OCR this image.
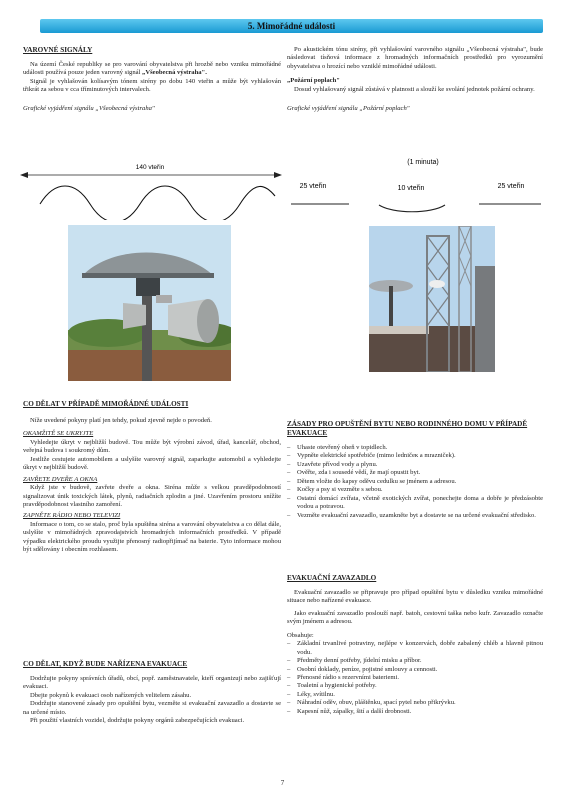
5. Mimořádné události

VAROVNÉ SIGNÁLY

Na území České republiky se pro varování obyvatelstva při hrozbě nebo vzniku mimořádné události používá pouze jeden varovný signál „Všeobecná výstraha".

Signál je vyhlašován kolísavým tónem sirény po dobu 140 vteřin a může být vyhlašován třikrát za sebou v cca tříminutových intervalech.

Grafické vyjádření signálu „Všeobecná výstraha"

140 vteřin

Po akustickém tónu sirény, při vyhlašování varovného signálu „Všeobecná výstraha", bude následovat tísňová informace z hromadných informačních prostředků pro vyrozumění obyvatelstva o hrozící nebo vzniklé mimořádné události.

„Požární poplach"

Dosud vyhlašovaný signál zůstává v platnosti a slouží ke svolání jednotek požární ochrany.

Grafické vyjádření signálu „Požární poplach"

(1 minuta)
25 vteřin	10 vteřin	25 vteřin

CO DĚLAT V PŘÍPADĚ MIMOŘÁDNÉ UDÁLOSTI

Níže uvedené pokyny platí jen tehdy, pokud zjevně nejde o povodeň.

OKAMŽITĚ SE UKRYJTE

Vyhledejte úkryt v nejbližší budově. Tou může být výrobní závod, úřad, kancelář, obchod, veřejná budova i soukromý dům.

Jestliže cestujete automobilem a uslyšíte varovný signál, zaparkujte automobil a vyhledejte úkryt v nejbližší budově.

ZAVŘETE DVEŘE A OKNA

Když jste v budově, zavřete dveře a okna. Siréna může s velkou pravděpodobností signalizovat únik toxických látek, plynů, radiačních zplodin a jiné. Uzavřením prostoru snížíte pravděpodobnost vlastního zamoření.

ZAPNĚTE RÁDIO NEBO TELEVIZI

Informace o tom, co se stalo, proč byla spuštěna siréna a varování obyvatelstva a co dělat dále, uslyšíte v mimořádných zpravodajstvích hromadných informačních prostředků. V případě výpadku elektrického proudu využijte přenosný radiopřijímač na baterie. Tyto informace mohou být sdělovány i obecním rozhlasem.

CO DĚLAT, KDYŽ BUDE NAŘÍZENA EVAKUACE

Dodržujte pokyny správních úřadů, obcí, popř. zaměstnavatele, kteří organizují nebo zajišťují evakuaci.

Dbejte pokynů k evakuaci osob nařízených velitelem zásahu.

Dodržujte stanovené zásady pro opuštění bytu, vezměte si evakuační zavazadlo a dostavte se na určené místo.

Při použití vlastních vozidel, dodržujte pokyny orgánů zabezpečujících evakuaci.

ZÁSADY PRO OPUŠTĚNÍ BYTU NEBO RODINNÉHO DOMU V PŘÍPADĚ EVAKUACE

– Uhaste otevřený oheň v topidlech.
– Vypněte elektrické spotřebiče (mimo ledničeк a mrazniček).
– Uzavřete přívod vody a plynu.
– Ověřte, zda i sousedé vědí, že mají opustit byt.
– Dětem vložte do kapsy oděvu cedulku se jménem a adresou.
– Kočky a psy si vezměte s sebou.
– Ostatní domácí zvířata, včetně exotických zvířat, ponechejte doma a dobře je předzásobte vodou a potravou.
– Vezměte evakuační zavazadlo, uzamkněte byt a dostavte se na určené evakuační středisko.

EVAKUAČNÍ ZAVAZADLO

Evakuační zavazadlo se připravuje pro případ opuštění bytu v důsledku vzniku mimořádné situace nebo nařízené evakuace.

Jako evakuační zavazadlo poslouží např. batoh, cestovní taška nebo kufr. Zavazadlo označte svým jménem a adresou.

Obsahuje:

– Základní trvanlivé potraviny, nejlépe v konzervách, dobře zabalený chléb a hlavně pitnou vodu.
– Předměty denní potřeby, jídelní misku a příbor.
– Osobní doklady, peníze, pojistné smlouvy a cennosti.
– Přenosné rádio s rezervními bateriemi.
– Toaletní a hygienické potřeby.
– Léky, svítilnu.
– Náhradní oděv, obuv, pláštěnku, spací pytel nebo přikrývku.
– Kapesní nůž, zápalky, šití a další drobnosti.
7
